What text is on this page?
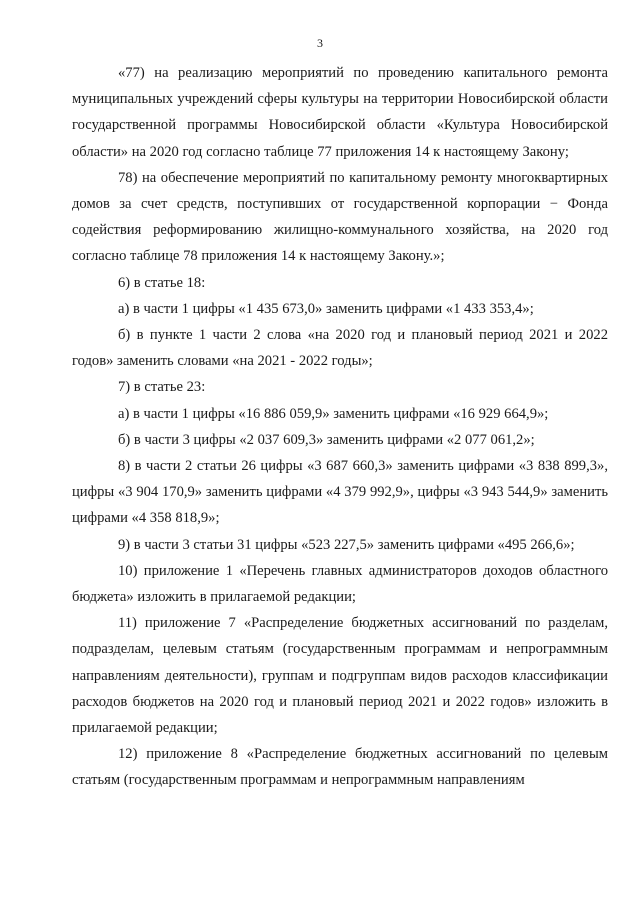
3

«77) на реализацию мероприятий по проведению капитального ремонта муниципальных учреждений сферы культуры на территории Новосибирской области государственной программы Новосибирской области «Культура Новосибирской области» на 2020 год согласно таблице 77 приложения 14 к настоящему Закону;

78) на обеспечение мероприятий по капитальному ремонту многоквартирных домов за счет средств, поступивших от государственной корпорации − Фонда содействия реформированию жилищно-коммунального хозяйства, на 2020 год согласно таблице 78 приложения 14 к настоящему Закону.»;

6) в статье 18:

а) в части 1 цифры «1 435 673,0» заменить цифрами «1 433 353,4»;

б) в пункте 1 части 2 слова «на 2020 год и плановый период 2021 и 2022 годов» заменить словами «на 2021 - 2022 годы»;

7) в статье 23:

а) в части 1 цифры «16 886 059,9» заменить цифрами «16 929 664,9»;

б) в части 3 цифры «2 037 609,3» заменить цифрами «2 077 061,2»;

8) в части 2 статьи 26 цифры «3 687 660,3» заменить цифрами «3 838 899,3», цифры «3 904 170,9» заменить цифрами «4 379 992,9», цифры «3 943 544,9» заменить цифрами «4 358 818,9»;

9) в части 3 статьи 31 цифры «523 227,5» заменить цифрами «495 266,6»;

10) приложение 1 «Перечень главных администраторов доходов областного бюджета» изложить в прилагаемой редакции;

11) приложение 7 «Распределение бюджетных ассигнований по разделам, подразделам, целевым статьям (государственным программам и непрограммным направлениям деятельности), группам и подгруппам видов расходов классификации расходов бюджетов на 2020 год и плановый период 2021 и 2022 годов» изложить в прилагаемой редакции;

12) приложение 8 «Распределение бюджетных ассигнований по целевым статьям (государственным программам и непрограммным направлениям
